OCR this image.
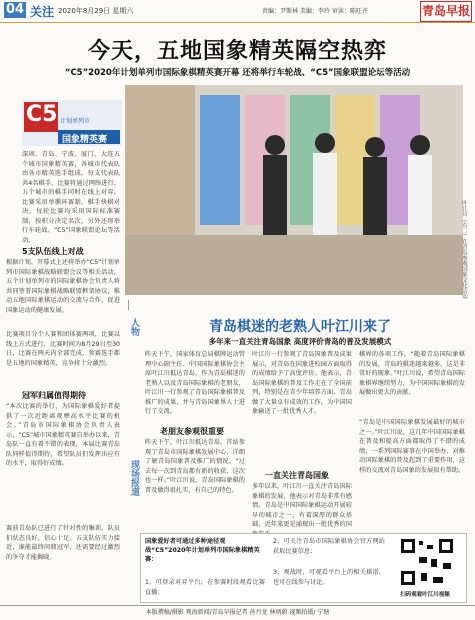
04 关注 2020年8月29日 星期六	责编：尹斯林 美编：李玲 审读：陈旺齐	青岛早报
今天，五地国象精英隔空热弈
“C5”2020年计划单列市国际象棋精英赛开幕 还将举行车轮战、“C5”国象联盟论坛等活动
C5 计划单列市
国象精英赛
深圳、青岛、宁波、厦门、大连五个城市国象精英赛，各城市代表队由各市精英选手组成，每支代表队共4名棋手，比赛将通过网络进行，五个城市的棋手同时在线上对弈。比赛采用单循环赛制，棋手快棋对决，每轮比赛均采用国际标准赛制，按积分决定名次。另外还将举行车轮战、“C5”国象联盟论坛等活动。
5支队伍线上对战
根据计划，开幕式上还将举办“C5”计划单列市国际象棋战略联盟会议等相关活动，五个计划单列市的国际象棋协会负责人将共同签署国际象棋战略联盟框架协议，推动五地国际象棋运动的交流与合作，促进国象运动的健康发展。
比赛项目分个人赛和团体赛两项，比赛以线上方式进行，比赛时间为8月29日至30日，比赛在两天内全部完成，参赛选手都是五地的国象精英，竞争将十分激烈。
冠军归属值得期待
“本次比赛的举行，为国际象棋爱好者提供了一次近距离观摩高水平比赛的机会。”青岛市国际象棋协会负责人表示，“C5”城市国象精英赛自举办以来，青岛队一直有着不错的表现，本届比赛青岛队同样值得期待，希望队员们发挥出应有的水平，取得好成绩。
赛前青岛队已进行了针对性的集训，队员们状态良好，信心十足。五支队伍实力接近，谁能最终问鼎冠军，还需要经过激烈的争夺才能揭晓。
叶江川（右二）在青岛参观国象文化活动
人物
现场报道
青岛棋迷的老熟人叶江川来了
多年来一直关注青岛国象 高度评价青岛的普及发展模式
昨天下午，国家体育总局棋牌运动管理中心副主任、中国国际象棋协会主席叶江川抵达青岛，作为青岛棋迷的老熟人以及青岛国际象棋的老朋友，叶江川一行参观了青岛国际象棋普及推广的成果，并与青岛国象界人士进行了交流。
老朋友参观很重要
昨天下午，叶江川抵达青岛，首站参观了青岛市国际象棋发展中心，详细了解青岛国象普及推广的情况。“过去每一次到青岛都有新的收获，这次也一样。”叶江川说，青岛国际象棋的普及做得很扎实，有自己的特色。
叶江川一行参观了青岛国象普及成果展示，对青岛在国象进校园方面取得的成绩给予了高度评价。他表示，青岛国际象棋的普及工作走在了全国前列，特别是在青少年培养方面，青岛做了大量卓有成效的工作，为中国国象输送了一批优秀人才。
一直关注青岛国象
多年以来，叶江川一直关注青岛国际象棋的发展，他表示对青岛非常有感情。青岛是中国国际象棋运动开展较早的城市之一，有着深厚的群众基础，近年来更是涌现出一批优秀的国
棋界的各项工作。“随着青岛国际象棋的发展，青岛的棋迷越来越多，这是非常好的现象。”叶江川说，希望青岛国际象棋界继续努力，为中国国际象棋的发展做出更大的贡献。
“青岛是中国国际象棋发展最好的城市之一。”叶江川说，这几年中国国际象棋在普及和提高方面都取得了不错的成绩，一系列国际赛事在中国举办，对推动国际象棋的普及起到了重要作用，这样的交流对青岛国象的发展很有帮助。
国象爱好者可通过多种途径观战“C5”2020年计划单列市国际象棋精英赛：
1、可登录对弈平台，在参赛时段观看比赛直播；
2、可关注青岛市国际象棋协会官方网站获取比赛信息；
3、观战时，可观看平台上的相关棋谱，也可在线参与讨论。
扫码观看叶江川视频
本版撰稿/摄影 观海新闻/青岛早报记者 孙丹龙 林炳蔚 视频拍摄/ 宁瑭
